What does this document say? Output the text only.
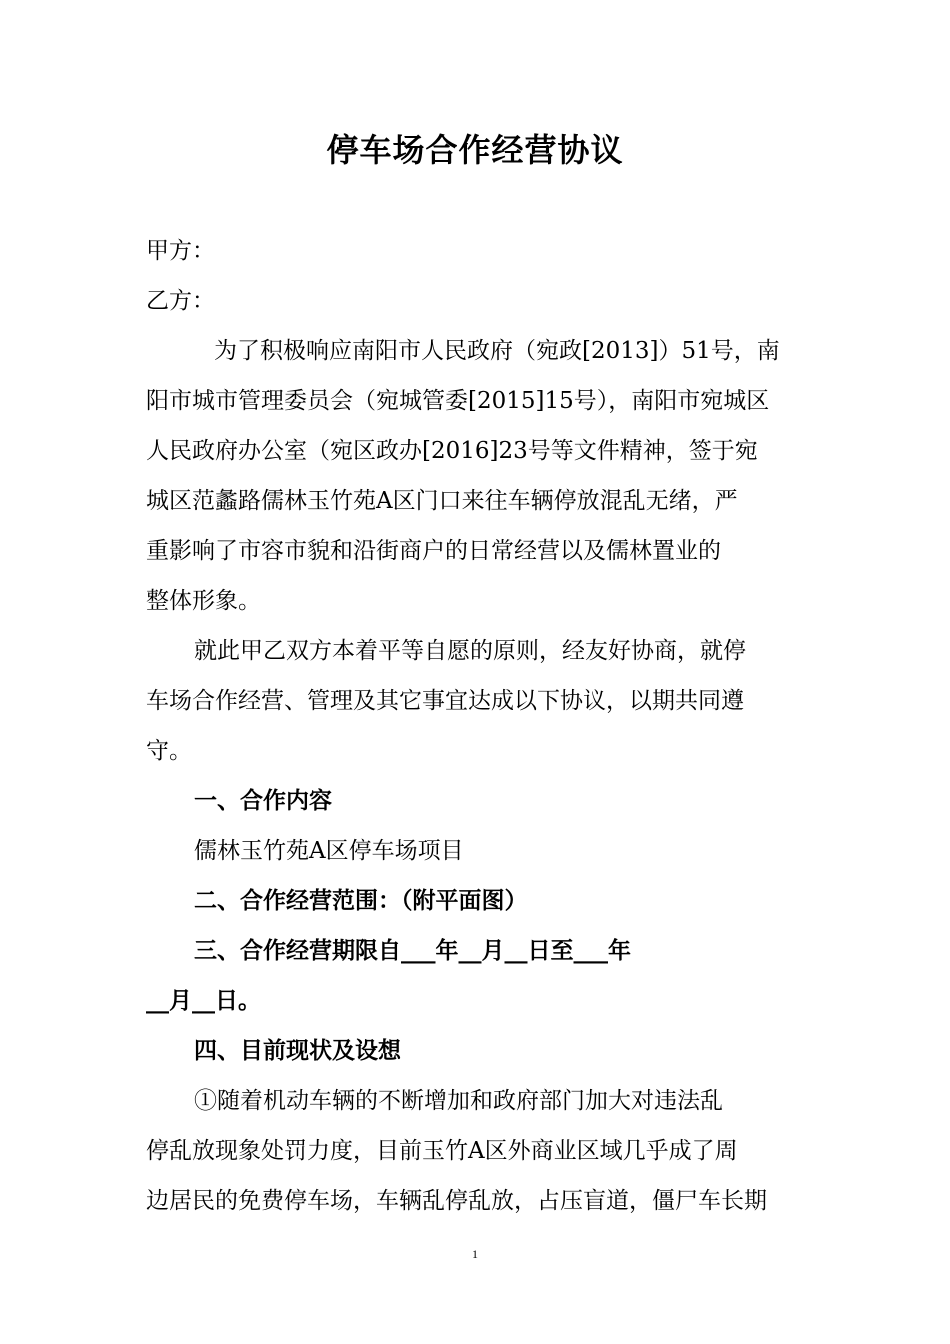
停车场合作经营协议
甲方：
乙方：
为了积极响应南阳市人民政府（宛政[2013]）51号，南
阳市城市管理委员会（宛城管委[2015]15号），南阳市宛城区
人民政府办公室（宛区政办[2016]23号等文件精神，签于宛
城区范蠡路儒林玉竹苑A区门口来往车辆停放混乱无绪，严
重影响了市容市貌和沿街商户的日常经营以及儒林置业的
整体形象。
就此甲乙双方本着平等自愿的原则，经友好协商，就停
车场合作经营、管理及其它事宜达成以下协议，以期共同遵
守。
一、合作内容
儒林玉竹苑A区停车场项目
二、合作经营范围：（附平面图）
三、合作经营期限自___年__月__日至___年
__月__日。
四、目前现状及设想
①随着机动车辆的不断增加和政府部门加大对违法乱
停乱放现象处罚力度，目前玉竹A区外商业区域几乎成了周
边居民的免费停车场，车辆乱停乱放，占压盲道，僵尸车长期
1
